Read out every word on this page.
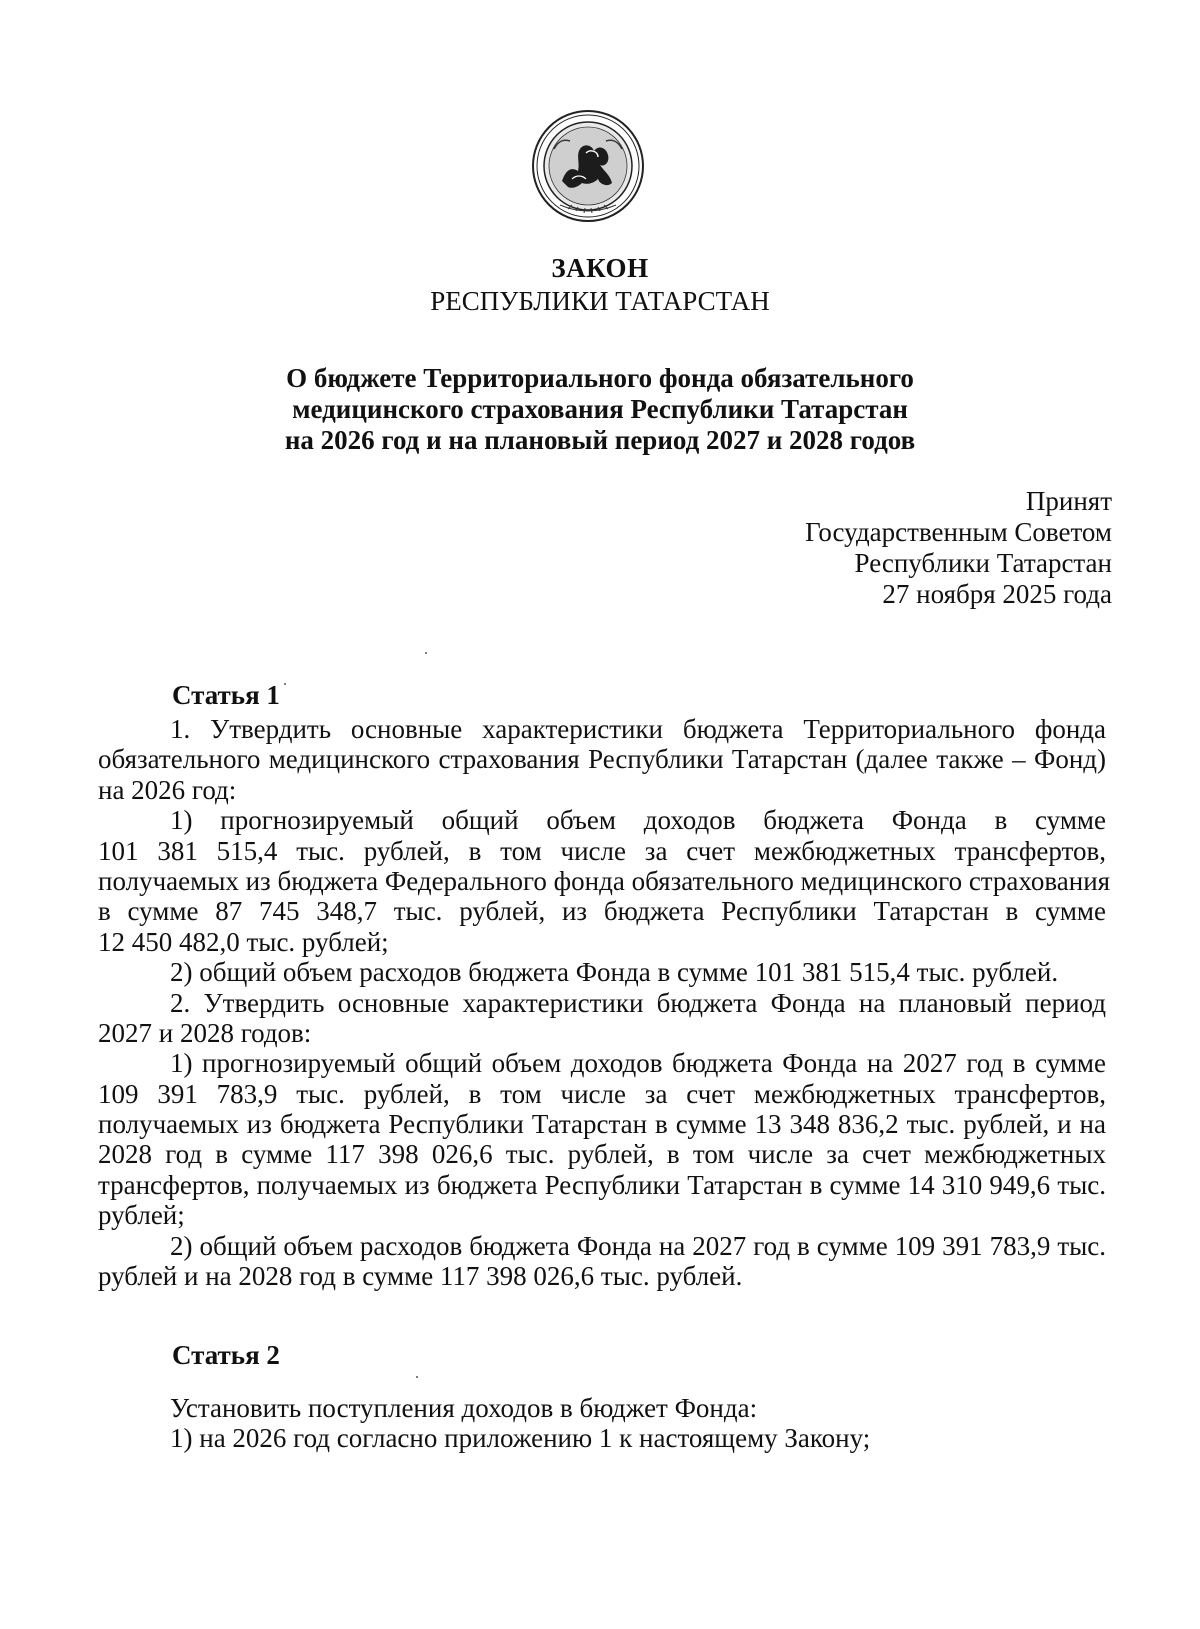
ЗАКОН
РЕСПУБЛИКИ ТАТАРСТАН
О бюджете Территориального фонда обязательного
медицинского страхования Республики Татарстан
на 2026 год и на плановый период 2027 и 2028 годов
Принят
Государственным Советом
Республики Татарстан
27 ноября 2025 года
Статья 1
1. Утвердить основные характеристики бюджета Территориального фонда
обязательного медицинского страхования Республики Татарстан (далее также – Фонд)
на 2026 год:
1) прогнозируемый общий объем доходов бюджета Фонда в сумме
101 381 515,4 тыс. рублей, в том числе за счет межбюджетных трансфертов,
получаемых из бюджета Федерального фонда обязательного медицинского страхования
в сумме 87 745 348,7 тыс. рублей, из бюджета Республики Татарстан в сумме
12 450 482,0 тыс. рублей;
2) общий объем расходов бюджета Фонда в сумме 101 381 515,4 тыс. рублей.
2. Утвердить основные характеристики бюджета Фонда на плановый период
2027 и 2028 годов:
1) прогнозируемый общий объем доходов бюджета Фонда на 2027 год в сумме
109 391 783,9 тыс. рублей, в том числе за счет межбюджетных трансфертов,
получаемых из бюджета Республики Татарстан в сумме 13 348 836,2 тыс. рублей, и на
2028 год в сумме 117 398 026,6 тыс. рублей, в том числе за счет межбюджетных
трансфертов, получаемых из бюджета Республики Татарстан в сумме 14 310 949,6 тыс.
рублей;
2) общий объем расходов бюджета Фонда на 2027 год в сумме 109 391 783,9 тыс.
рублей и на 2028 год в сумме 117 398 026,6 тыс. рублей.
Статья 2
Установить поступления доходов в бюджет Фонда:
1) на 2026 год согласно приложению 1 к настоящему Закону;
